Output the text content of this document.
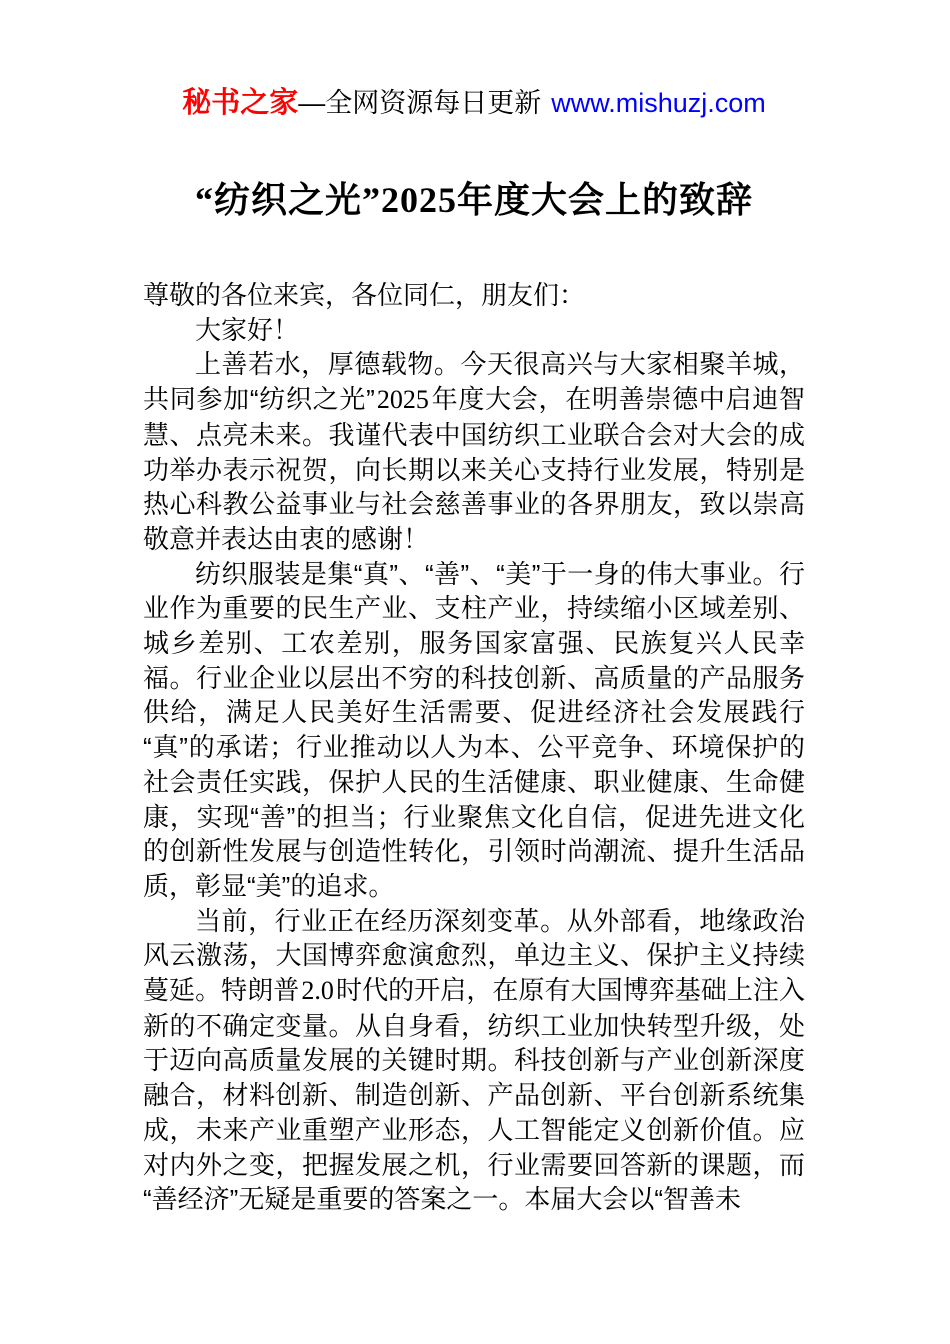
秘书之家—全网资源每日更新 www.mishuzj.com
“纺织之光”2025年度大会上的致辞

尊敬的各位来宾，各位同仁，朋友们：

大家好！

上善若水，厚德载物。今天很高兴与大家相聚羊城，共同参加“纺织之光”2025年度大会，在明善崇德中启迪智慧、点亮未来。我谨代表中国纺织工业联合会对大会的成功举办表示祝贺，向长期以来关心支持行业发展，特别是热心科教公益事业与社会慈善事业的各界朋友，致以崇高敬意并表达由衷的感谢！

纺织服装是集“真”、“善”、“美”于一身的伟大事业。行业作为重要的民生产业、支柱产业，持续缩小区域差别、城乡差别、工农差别，服务国家富强、民族复兴人民幸福。行业企业以层出不穷的科技创新、高质量的产品服务供给，满足人民美好生活需要、促进经济社会发展践行“真”的承诺；行业推动以人为本、公平竞争、环境保护的社会责任实践，保护人民的生活健康、职业健康、生命健康，实现“善”的担当；行业聚焦文化自信，促进先进文化的创新性发展与创造性转化，引领时尚潮流、提升生活品质，彰显“美”的追求。

当前，行业正在经历深刻变革。从外部看，地缘政治风云激荡，大国博弈愈演愈烈，单边主义、保护主义持续蔓延。特朗普2.0时代的开启，在原有大国博弈基础上注入新的不确定变量。从自身看，纺织工业加快转型升级，处于迈向高质量发展的关键时期。科技创新与产业创新深度融合，材料创新、制造创新、产品创新、平台创新系统集成，未来产业重塑产业形态，人工智能定义创新价值。应对内外之变，把握发展之机，行业需要回答新的课题，而“善经济”无疑是重要的答案之一。本届大会以“智善未
